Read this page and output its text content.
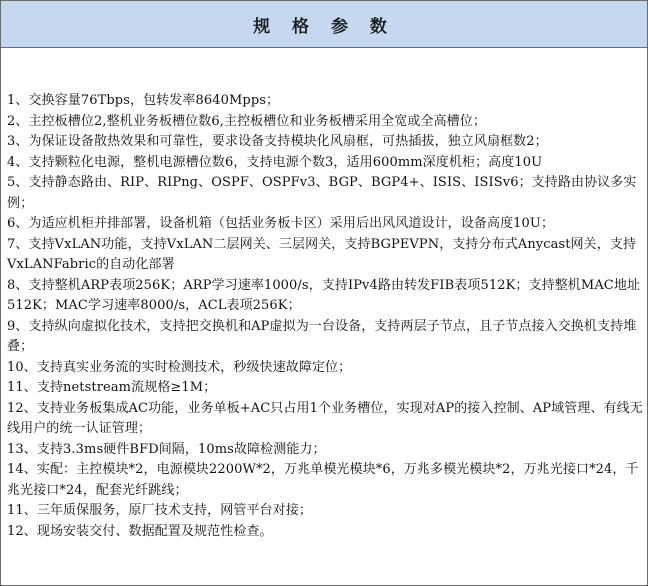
规 格 参 数

1、交换容量76Tbps，包转发率8640Mpps；

2、主控板槽位2,整机业务板槽位数6,主控板槽位和业务板槽采用全宽或全高槽位；

3、为保证设备散热效果和可靠性，要求设备支持模块化风扇框，可热插拔，独立风扇框数2；

4、支持颗粒化电源，整机电源槽位数6，支持电源个数3，适用600mm深度机柜；高度10U

5、支持静态路由、RIP、RIPng、OSPF、OSPFv3、BGP、BGP4+、ISIS、ISISv6；支持路由协议多实例；

6、为适应机柜并排部署，设备机箱（包括业务板卡区）采用后出风风道设计，设备高度10U；

7、支持VxLAN功能，支持VxLAN二层网关、三层网关，支持BGPEVPN，支持分布式Anycast网关，支持VxLANFabric的自动化部署

8、支持整机ARP表项256K；ARP学习速率1000/s，支持IPv4路由转发FIB表项512K；支持整机MAC地址512K；MAC学习速率8000/s，ACL表项256K；

9、支持纵向虚拟化技术，支持把交换机和AP虚拟为一台设备，支持两层子节点，且子节点接入交换机支持堆叠；

10、支持真实业务流的实时检测技术，秒级快速故障定位；

11、支持netstream流规格≥1M；

12、支持业务板集成AC功能，业务单板+AC只占用1个业务槽位，实现对AP的接入控制、AP域管理、有线无线用户的统一认证管理；

13、支持3.3ms硬件BFD间隔，10ms故障检测能力；

14、实配：主控模块*2，电源模块2200W*2，万兆单模光模块*6，万兆多模光模块*2，万兆光接口*24，千兆光接口*24，配套光纤跳线；

11、三年质保服务，原厂技术支持，网管平台对接；

12、现场安装交付、数据配置及规范性检查。
